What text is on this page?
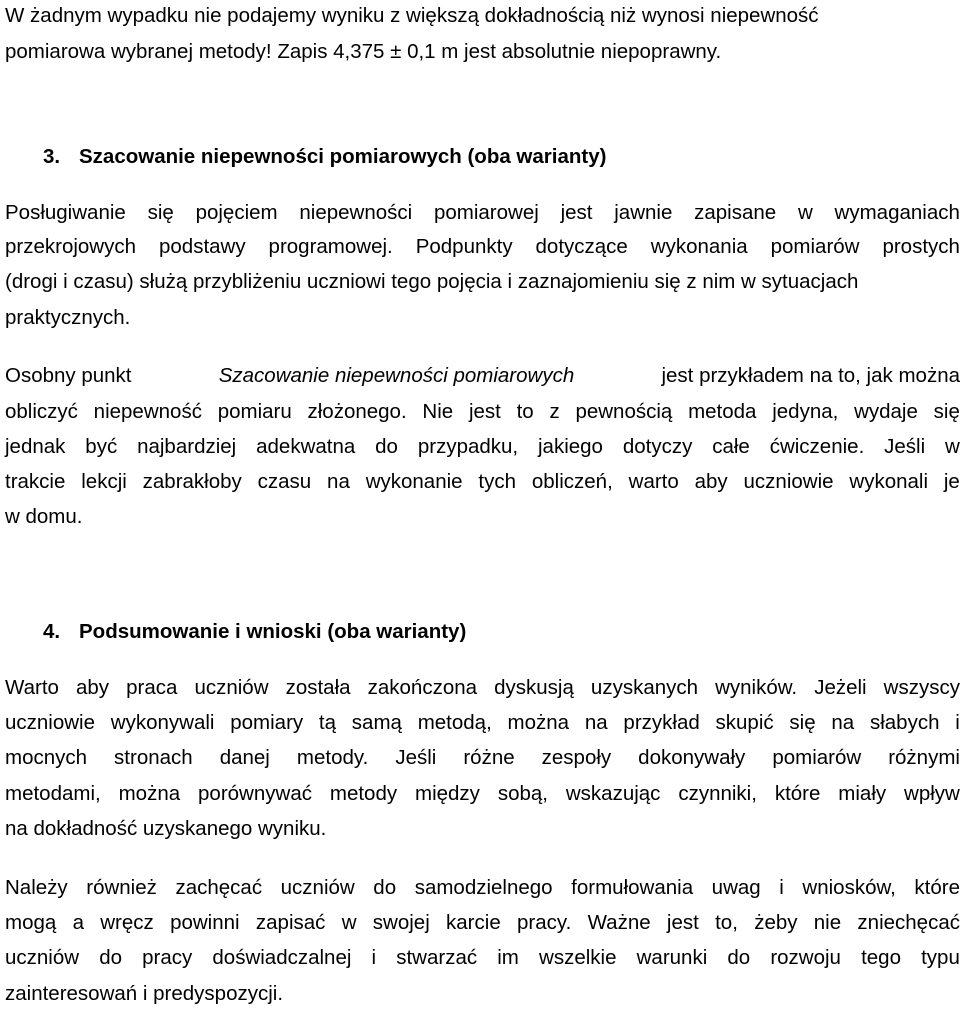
W żadnym wypadku nie podajemy wyniku z większą dokładnością niż wynosi niepewność
pomiarowa wybranej metody! Zapis 4,375 ± 0,1 m jest absolutnie niepoprawny.
3. Szacowanie niepewności pomiarowych (oba warianty)
Posługiwanie się pojęciem niepewności pomiarowej jest jawnie zapisane w wymaganiach
przekrojowych podstawy programowej. Podpunkty dotyczące wykonania pomiarów prostych
(drogi i czasu) służą przybliżeniu uczniowi tego pojęcia i zaznajomieniu się z nim w sytuacjach
praktycznych.
Osobny punkt	Szacowanie niepewności pomiarowych	jest przykładem na to, jak można
obliczyć niepewność pomiaru złożonego. Nie jest to z pewnością metoda jedyna, wydaje się
jednak być najbardziej adekwatna do przypadku, jakiego dotyczy całe ćwiczenie. Jeśli w
trakcie lekcji zabrakłoby czasu na wykonanie tych obliczeń, warto aby uczniowie wykonali je
w domu.
4. Podsumowanie i wnioski (oba warianty)
Warto aby praca uczniów została zakończona dyskusją uzyskanych wyników. Jeżeli wszyscy
uczniowie wykonywali pomiary tą samą metodą, można na przykład skupić się na słabych i
mocnych stronach danej metody. Jeśli różne zespoły dokonywały pomiarów różnymi
metodami, można porównywać metody między sobą, wskazując czynniki, które miały wpływ
na dokładność uzyskanego wyniku.
Należy również zachęcać uczniów do samodzielnego formułowania uwag i wniosków, które
mogą a wręcz powinni zapisać w swojej karcie pracy. Ważne jest to, żeby nie zniechęcać
uczniów do pracy doświadczalnej i stwarzać im wszelkie warunki do rozwoju tego typu
zainteresowań i predyspozycji.
